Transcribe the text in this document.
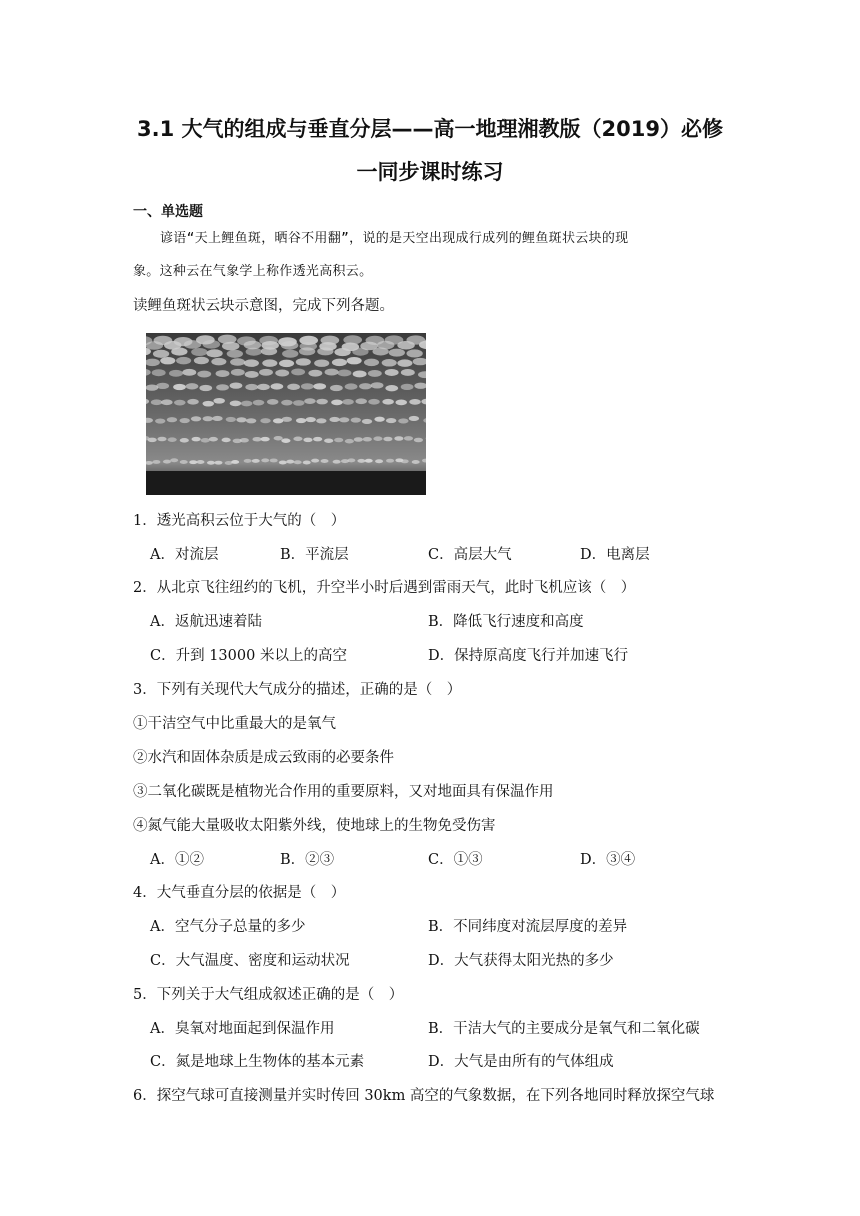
3.1 大气的组成与垂直分层——高一地理湘教版（2019）必修
一同步课时练习
一、单选题
谚语“天上鲤鱼斑，晒谷不用翻”，说的是天空出现成行成列的鲤鱼斑状云块的现
象。这种云在气象学上称作透光高积云。
读鲤鱼斑状云块示意图，完成下列各题。
1．透光高积云位于大气的（　）
A．对流层	B．平流层	C．高层大气	D．电离层
2．从北京飞往纽约的飞机，升空半小时后遇到雷雨天气，此时飞机应该（　）
A．返航迅速着陆	B．降低飞行速度和高度
C．升到 13000 米以上的高空	D．保持原高度飞行并加速飞行
3．下列有关现代大气成分的描述，正确的是（　）
①干洁空气中比重最大的是氧气
②水汽和固体杂质是成云致雨的必要条件
③二氧化碳既是植物光合作用的重要原料，又对地面具有保温作用
④氮气能大量吸收太阳紫外线，使地球上的生物免受伤害
A．①②	B．②③	C．①③	D．③④
4．大气垂直分层的依据是（　）
A．空气分子总量的多少	B．不同纬度对流层厚度的差异
C．大气温度、密度和运动状况	D．大气获得太阳光热的多少
5．下列关于大气组成叙述正确的是（　）
A．臭氧对地面起到保温作用	B．干洁大气的主要成分是氧气和二氧化碳
C．氮是地球上生物体的基本元素	D．大气是由所有的气体组成
6．探空气球可直接测量并实时传回 30km 高空的气象数据，在下列各地同时释放探空气球
